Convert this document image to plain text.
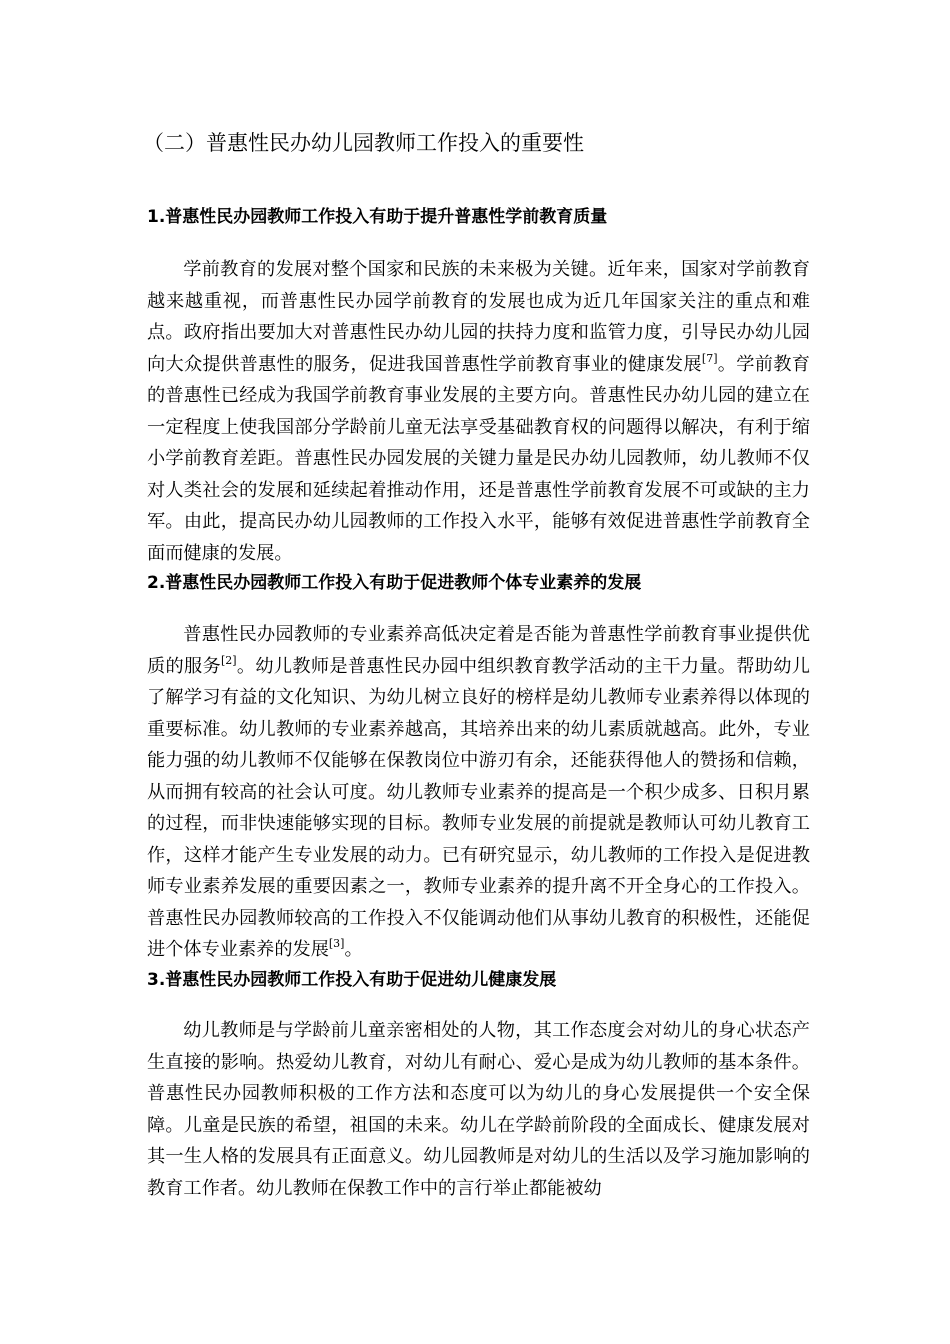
（二）普惠性民办幼儿园教师工作投入的重要性
1.普惠性民办园教师工作投入有助于提升普惠性学前教育质量
学前教育的发展对整个国家和民族的未来极为关键。近年来，国家对学前教育越来越重视，而普惠性民办园学前教育的发展也成为近几年国家关注的重点和难点。政府指出要加大对普惠性民办幼儿园的扶持力度和监管力度，引导民办幼儿园向大众提供普惠性的服务，促进我国普惠性学前教育事业的健康发展[7]。学前教育的普惠性已经成为我国学前教育事业发展的主要方向。普惠性民办幼儿园的建立在一定程度上使我国部分学龄前儿童无法享受基础教育权的问题得以解决，有利于缩小学前教育差距。普惠性民办园发展的关键力量是民办幼儿园教师，幼儿教师不仅对人类社会的发展和延续起着推动作用，还是普惠性学前教育发展不可或缺的主力军。由此，提高民办幼儿园教师的工作投入水平，能够有效促进普惠性学前教育全面而健康的发展。
2.普惠性民办园教师工作投入有助于促进教师个体专业素养的发展
普惠性民办园教师的专业素养高低决定着是否能为普惠性学前教育事业提供优质的服务[2]。幼儿教师是普惠性民办园中组织教育教学活动的主干力量。帮助幼儿了解学习有益的文化知识、为幼儿树立良好的榜样是幼儿教师专业素养得以体现的重要标准。幼儿教师的专业素养越高，其培养出来的幼儿素质就越高。此外，专业能力强的幼儿教师不仅能够在保教岗位中游刃有余，还能获得他人的赞扬和信赖，从而拥有较高的社会认可度。幼儿教师专业素养的提高是一个积少成多、日积月累的过程，而非快速能够实现的目标。教师专业发展的前提就是教师认可幼儿教育工作，这样才能产生专业发展的动力。已有研究显示，幼儿教师的工作投入是促进教师专业素养发展的重要因素之一，教师专业素养的提升离不开全身心的工作投入。普惠性民办园教师较高的工作投入不仅能调动他们从事幼儿教育的积极性，还能促进个体专业素养的发展[3]。
3.普惠性民办园教师工作投入有助于促进幼儿健康发展
幼儿教师是与学龄前儿童亲密相处的人物，其工作态度会对幼儿的身心状态产生直接的影响。热爱幼儿教育，对幼儿有耐心、爱心是成为幼儿教师的基本条件。普惠性民办园教师积极的工作方法和态度可以为幼儿的身心发展提供一个安全保障。儿童是民族的希望，祖国的未来。幼儿在学龄前阶段的全面成长、健康发展对其一生人格的发展具有正面意义。幼儿园教师是对幼儿的生活以及学习施加影响的教育工作者。幼儿教师在保教工作中的言行举止都能被幼
